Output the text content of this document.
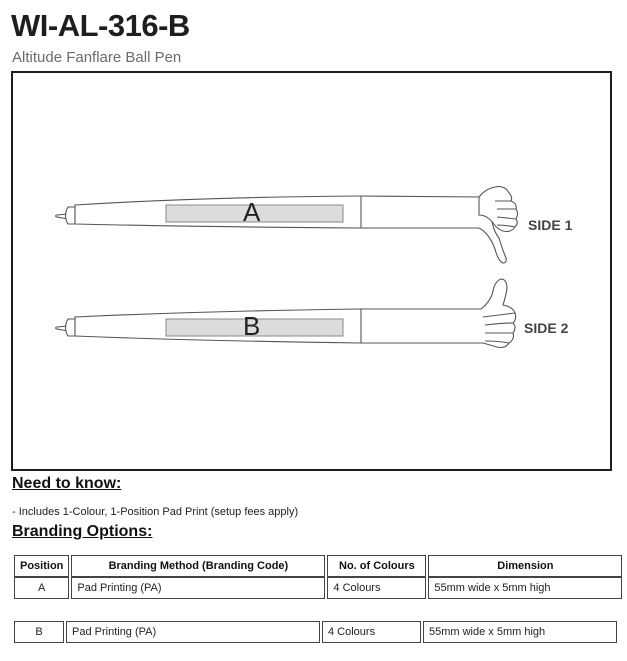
WI-AL-316-B
Altitude Fanflare Ball Pen
A
B
SIDE 1
SIDE 2
Need to know:
- Includes 1-Colour, 1-Position Pad Print (setup fees apply)
Branding Options:
Position	Branding Method (Branding Code)	No. of Colours	Dimension
A	Pad Printing (PA)	4 Colours	55mm wide x 5mm high
B	Pad Printing (PA)	4 Colours	55mm wide x 5mm high
